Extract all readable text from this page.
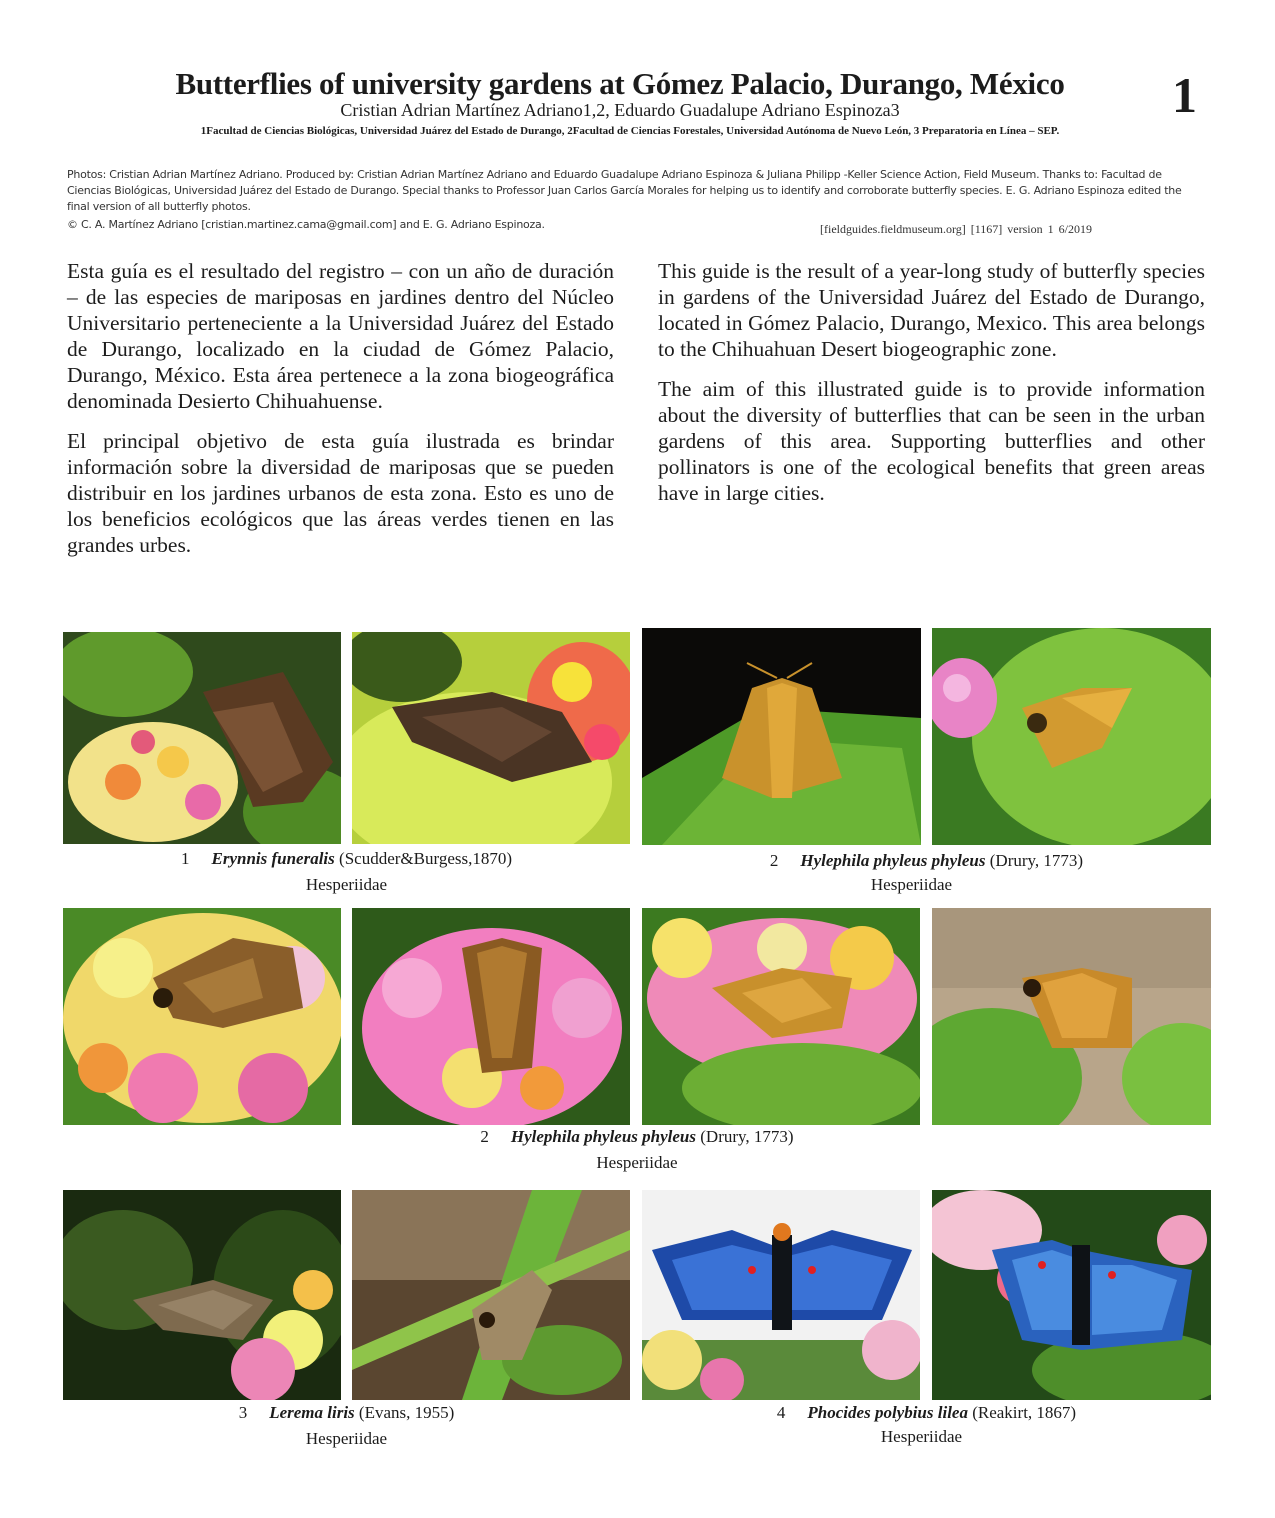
Butterflies of university gardens at Gómez Palacio, Durango, México	1
Cristian Adrian Martínez Adriano1,2, Eduardo Guadalupe Adriano Espinoza3
1Facultad de Ciencias Biológicas, Universidad Juárez del Estado de Durango, 2Facultad de Ciencias Forestales, Universidad Autónoma de Nuevo León, 3 Preparatoria en Línea – SEP.
Photos: Cristian Adrian Martínez Adriano. Produced by: Cristian Adrian Martínez Adriano and Eduardo Guadalupe Adriano Espinoza & Juliana Philipp -Keller Science Action, Field Museum. Thanks to: Facultad de Ciencias Biológicas, Universidad Juárez del Estado de Durango. Special thanks to Professor Juan Carlos García Morales for helping us to identify and corroborate butterfly species. E. G. Adriano Espinoza edited the final version of all butterfly photos.
© C. A. Martínez Adriano [cristian.martinez.cama@gmail.com] and E. G. Adriano Espinoza.	[fieldguides.fieldmuseum.org] [1167] version 1 6/2019

Esta guía es el resultado del registro – con un año de duración – de las especies de mariposas en jardines dentro del Núcleo Universitario perteneciente a la Universidad Juárez del Estado de Durango, localizado en la ciudad de Gómez Palacio, Durango, México. Esta área pertenece a la zona biogeográfica denominada Desierto Chihuahuense.

El principal objetivo de esta guía ilustrada es brindar información sobre la diversidad de mariposas que se pueden distribuir en los jardines urbanos de esta zona. Esto es uno de los beneficios ecológicos que las áreas verdes tienen en las grandes urbes.

This guide is the result of a year-long study of butterfly species in gardens of the Universidad Juárez del Estado de Durango, located in Gómez Palacio, Durango, Mexico. This area belongs to the Chihuahuan Desert biogeographic zone.

The aim of this illustrated guide is to provide information about the diversity of butterflies that can be seen in the urban gardens of this area. Supporting butterflies and other pollinators is one of the ecological benefits that green areas have in large cities.

1 Erynnis funeralis (Scudder&Burgess,1870)
Hesperiidae
2 Hylephila phyleus phyleus (Drury, 1773)
Hesperiidae
2 Hylephila phyleus phyleus (Drury, 1773)
Hesperiidae
3 Lerema liris (Evans, 1955)
Hesperiidae
4 Phocides polybius lilea (Reakirt, 1867)
Hesperiidae
